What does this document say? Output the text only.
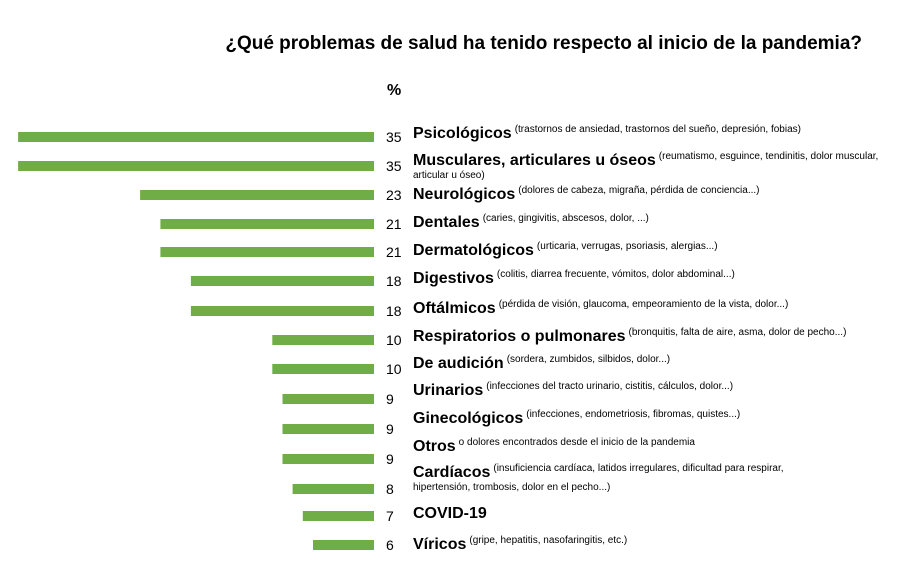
¿Qué problemas de salud ha tenido respecto al inicio de la pandemia?
%
35
35
23
21
21
18
18
10
10
9
9
9
8
7
6
Psicológicos $^{(trastornos de ansiedad, trastornos del sueño, depresión, fobias)}$
Musculares, articulares u óseos $^{(reumatismo, esguince, tendinitis, dolor muscular,}$
articular u óseo)
Neurológicos $^{(dolores de cabeza, migraña, pérdida de conciencia...)}$
Dentales $^{(caries, gingivitis, abscesos, dolor, ...)}$
Dermatológicos $^{(urticaria, verrugas, psoriasis, alergias...)}$
Digestivos $^{(colitis, diarrea frecuente, vómitos, dolor abdominal...)}$
Oftálmicos $^{(pérdida de visión, glaucoma, empeoramiento de la vista, dolor...)}$
Respiratorios o pulmonares $^{(bronquitis, falta de aire, asma, dolor de pecho...)}$
De audición $^{(sordera, zumbidos, silbidos, dolor...)}$
Urinarios $^{(infecciones del tracto urinario, cistitis, cálculos, dolor...)}$
Ginecológicos $^{(infecciones, endometriosis, fibromas, quistes...)}$
Otros $^{o dolores encontrados desde el inicio de la pandemia}$
Cardíacos $^{(insuficiencia cardíaca, latidos irregulares, dificultad para respirar,}$
hipertensión, trombosis, dolor en el pecho...)
COVID-19
Víricos $^{(gripe, hepatitis, nasofaringitis, etc.)}$
